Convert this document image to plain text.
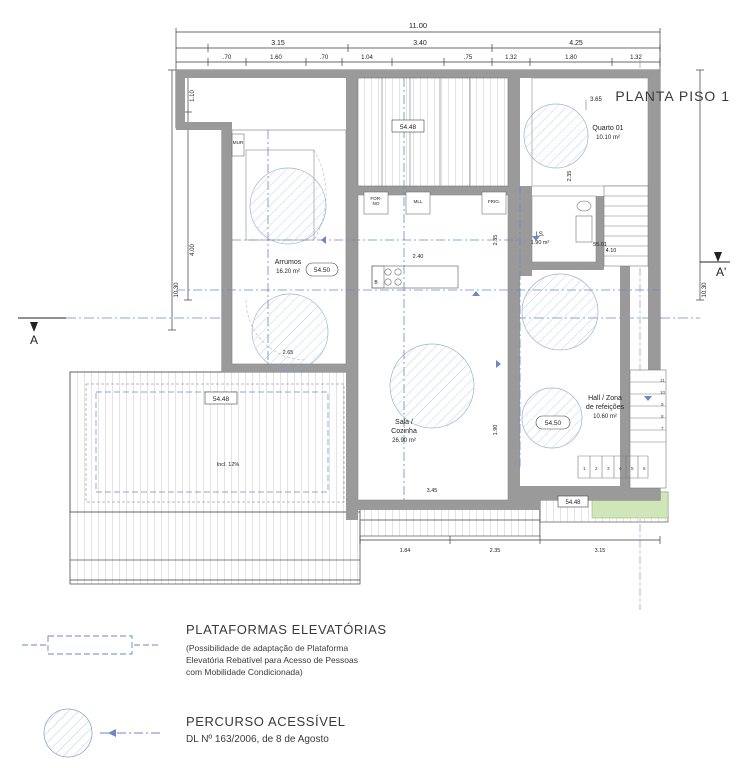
11.00
3.15	3.40	4.25
.70	1.60	.70	1.04	.75	1.32	1.80	1.32
1.10
4.00
10.30	10.30
A
A'
Arrumos
16.20 m²
Sala /
Cozinha
26.90 m²
Quarto 01
10.10 m²
3.65
I.S.
1.90 m²
Hall / Zona
de refeições
10.60 m²
54.50
54.48
54.48
54.50
54.48
55.01
FOR-
NO	MLL	FRIG.
MUR
B
Incl. 12%
2.40
2.65
3.45
2.35
1.90
4.10
2.35
1.84	2.35	3.15
11
10
9
8
7
1 2 3 4 5 6
PLANTA PISO 1
PLATAFORMAS ELEVATÓRIAS
(Possibilidade de adaptação de Plataforma
Elevatória Rebatível para Acesso de Pessoas
com Mobilidade Condicionada)
PERCURSO ACESSÍVEL
DL Nº 163/2006, de 8 de Agosto
